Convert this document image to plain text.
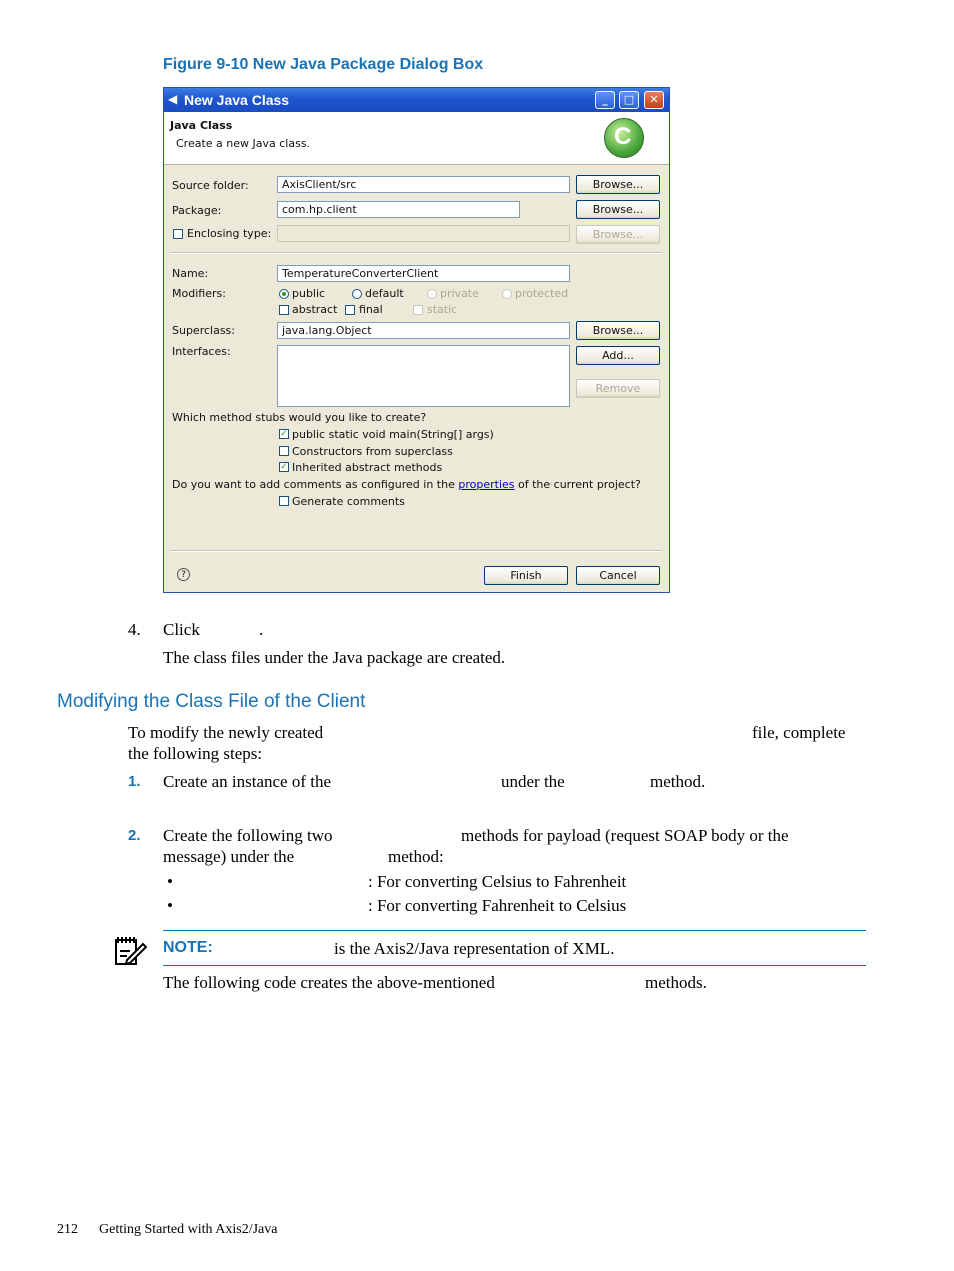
Figure 9-10 New Java Package Dialog Box
◀ New Java Class	_	□	✕
Java Class
Create a new Java class.	C
Source folder:	AxisClient/src	Browse...
Package:	com.hp.client	Browse...
Enclosing type:	Browse...
Name:	TemperatureConverterClient
Modifiers:	public	default	private	protected
abstract final	static
Superclass:	java.lang.Object	Browse...
Interfaces:	Add...
Remove
Which method stubs would you like to create?
✓ public static void main(String[] args)
Constructors from superclass
✓ Inherited abstract methods
Do you want to add comments as configured in the properties of the current project?
Generate comments
?	Finish	Cancel
4. Click	.
The class files under the Java package are created.
Modifying the Class File of the Client
To modify the newly created	file, complete
the following steps:
1. Create an instance of the	under the	method.
2. Create the following two	methods for payload (request SOAP body or the
message) under the	method:
•	: For converting Celsius to Fahrenheit
•	: For converting Fahrenheit to Celsius
NOTE:	is the Axis2/Java representation of XML.
The following code creates the above-mentioned	methods.
212 Getting Started with Axis2/Java
